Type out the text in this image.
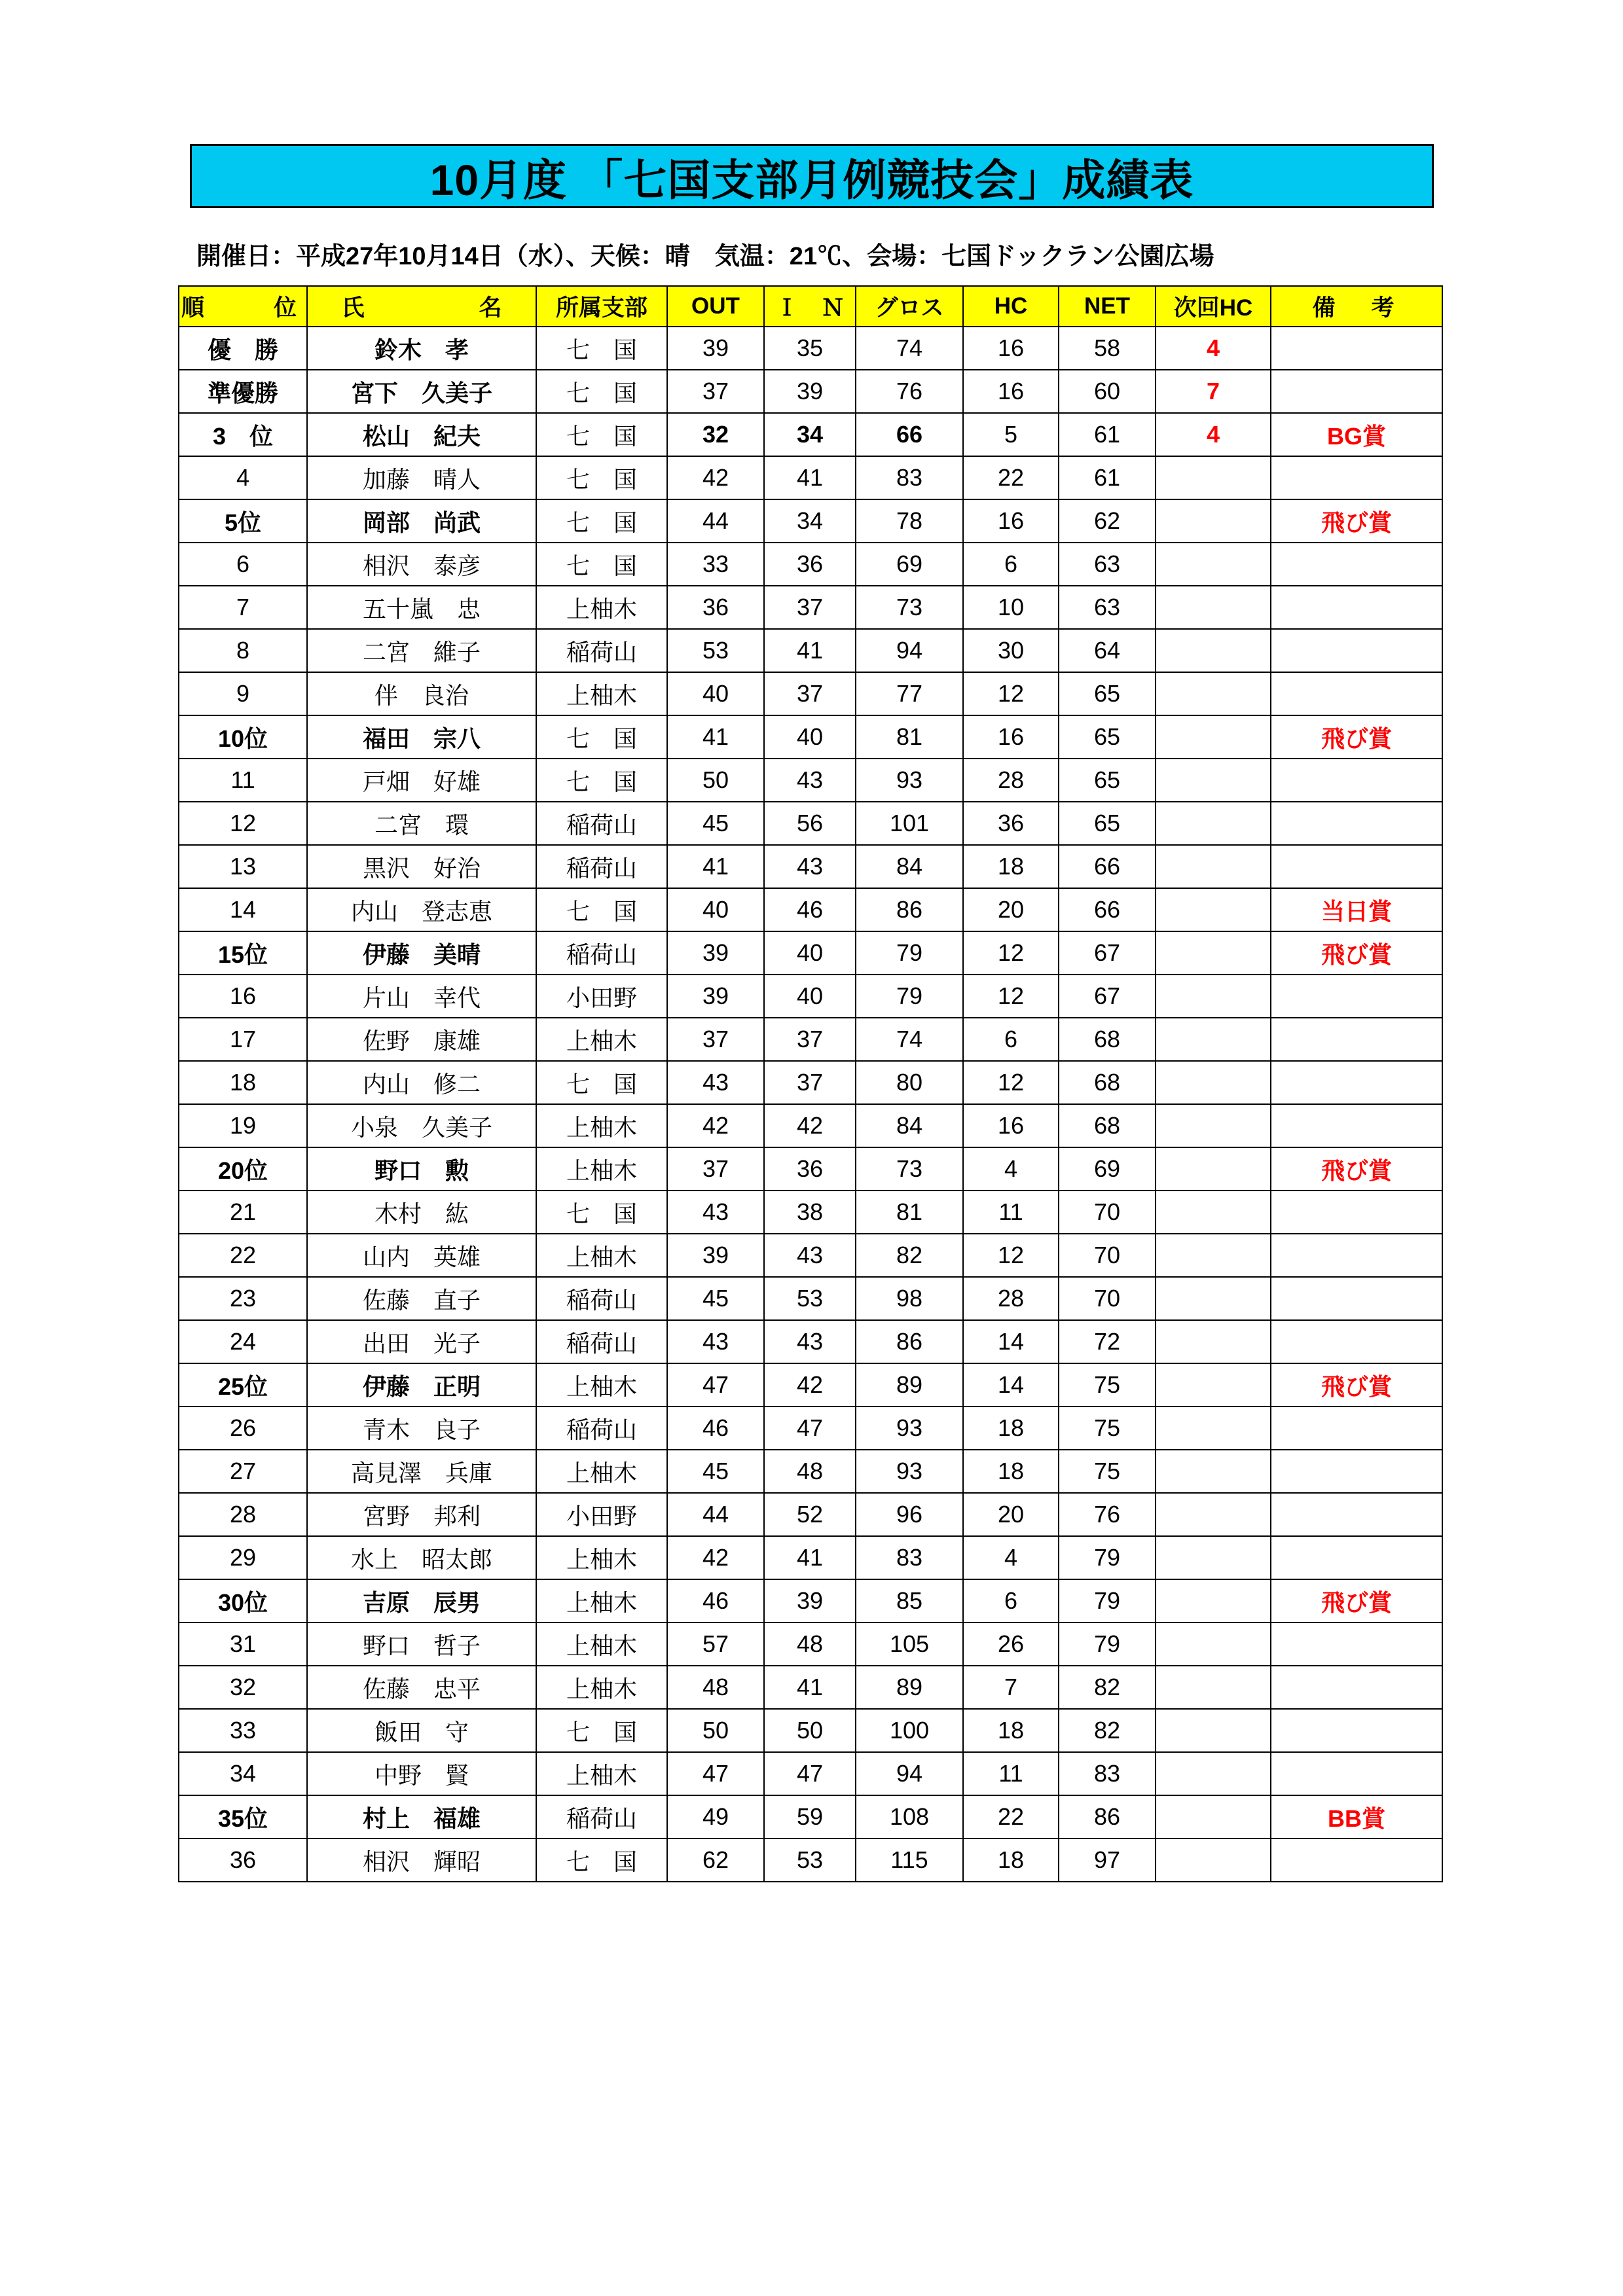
10月度 「七国支部月例競技会」成績表
開催日：平成27年10月14日（水）、天候：晴　気温：21℃、会場：七国ドックラン公園広場
順　　位	氏　　　　　名	所属支部	OUT	Ｉ　Ｎ	グロス	HC	NET	次回HC	備　考
優　勝	鈴木　孝	七　国	39	35	74	16	58	4	
準優勝	宮下　久美子	七　国	37	39	76	16	60	7	
3　位	松山　紀夫	七　国	32	34	66	5	61	4	BG賞
4	加藤　晴人	七　国	42	41	83	22	61		
5位	岡部　尚武	七　国	44	34	78	16	62		飛び賞
6	相沢　泰彦	七　国	33	36	69	6	63		
7	五十嵐　忠	上柚木	36	37	73	10	63		
8	二宮　維子	稲荷山	53	41	94	30	64		
9	伴　良治	上柚木	40	37	77	12	65		
10位	福田　宗八	七　国	41	40	81	16	65		飛び賞
11	戸畑　好雄	七　国	50	43	93	28	65		
12	二宮　環	稲荷山	45	56	101	36	65		
13	黒沢　好治	稲荷山	41	43	84	18	66		
14	内山　登志恵	七　国	40	46	86	20	66		当日賞
15位	伊藤　美晴	稲荷山	39	40	79	12	67		飛び賞
16	片山　幸代	小田野	39	40	79	12	67		
17	佐野　康雄	上柚木	37	37	74	6	68		
18	内山　修二	七　国	43	37	80	12	68		
19	小泉　久美子	上柚木	42	42	84	16	68		
20位	野口　勲	上柚木	37	36	73	4	69		飛び賞
21	木村　紘	七　国	43	38	81	11	70		
22	山内　英雄	上柚木	39	43	82	12	70		
23	佐藤　直子	稲荷山	45	53	98	28	70		
24	出田　光子	稲荷山	43	43	86	14	72		
25位	伊藤　正明	上柚木	47	42	89	14	75		飛び賞
26	青木　良子	稲荷山	46	47	93	18	75		
27	高見澤　兵庫	上柚木	45	48	93	18	75		
28	宮野　邦利	小田野	44	52	96	20	76		
29	水上　昭太郎	上柚木	42	41	83	4	79		
30位	吉原　辰男	上柚木	46	39	85	6	79		飛び賞
31	野口　哲子	上柚木	57	48	105	26	79		
32	佐藤　忠平	上柚木	48	41	89	7	82		
33	飯田　守	七　国	50	50	100	18	82		
34	中野　賢	上柚木	47	47	94	11	83		
35位	村上　福雄	稲荷山	49	59	108	22	86		BB賞
36	相沢　輝昭	七　国	62	53	115	18	97		
